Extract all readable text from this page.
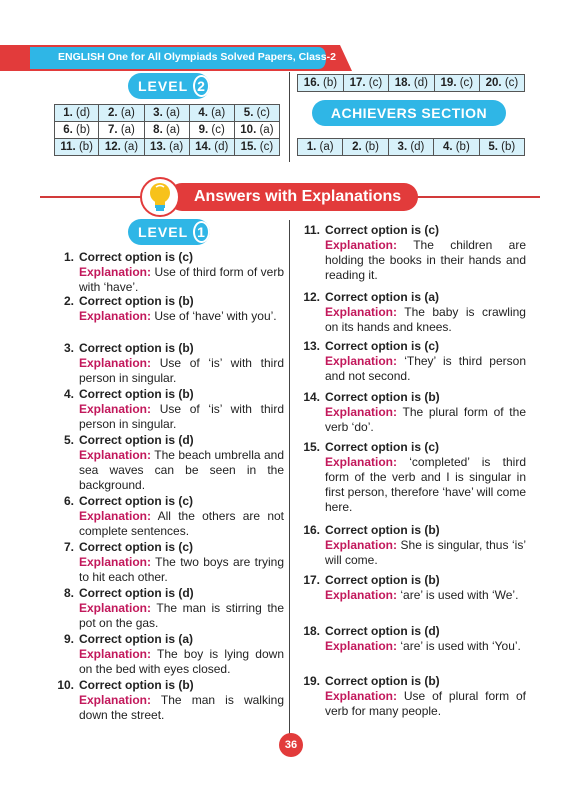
ENGLISH One for All Olympiads Solved Papers, Class-2
LEVEL 2
1. (d)	2. (a)	3. (a)	4. (a)	5. (c)
6. (b)	7. (a)	8. (a)	9. (c)	10. (a)
11. (b)	12. (a)	13. (a)	14. (d)	15. (c)
16. (b)	17. (c)	18. (d)	19. (c)	20. (c)
ACHIEVERS SECTION
1. (a)	2. (b)	3. (d)	4. (b)	5. (b)
Answers with Explanations
LEVEL 1
1. Correct option is (c)
Explanation: Use of third form of verb with ‘have’.
2. Correct option is (b)
Explanation: Use of ‘have’ with you’.
3. Correct option is (b)
Explanation: Use of ‘is’ with third person in singular.
4. Correct option is (b)
Explanation: Use of ‘is’ with third person in singular.
5. Correct option is (d)
Explanation: The beach umbrella and sea waves can be seen in the background.
6. Correct option is (c)
Explanation: All the others are not complete sentences.
7. Correct option is (c)
Explanation: The two boys are trying to hit each other.
8. Correct option is (d)
Explanation: The man is stirring the pot on the gas.
9. Correct option is (a)
Explanation: The boy is lying down on the bed with eyes closed.
10. Correct option is (b)
Explanation: The man is walking down the street.
11. Correct option is (c)
Explanation: The children are holding the books in their hands and reading it.
12. Correct option is (a)
Explanation: The baby is crawling on its hands and knees.
13. Correct option is (c)
Explanation: ‘They’ is third person and not second.
14. Correct option is (b)
Explanation: The plural form of the verb ‘do’.
15. Correct option is (c)
Explanation: ‘completed’ is third form of the verb and I is singular in first person, therefore ‘have’ will come here.
16. Correct option is (b)
Explanation: She is singular, thus ‘is’ will come.
17. Correct option is (b)
Explanation: ‘are’ is used with ‘We’.
18. Correct option is (d)
Explanation: ‘are’ is used with ‘You’.
19. Correct option is (b)
Explanation: Use of plural form of verb for many people.
36
